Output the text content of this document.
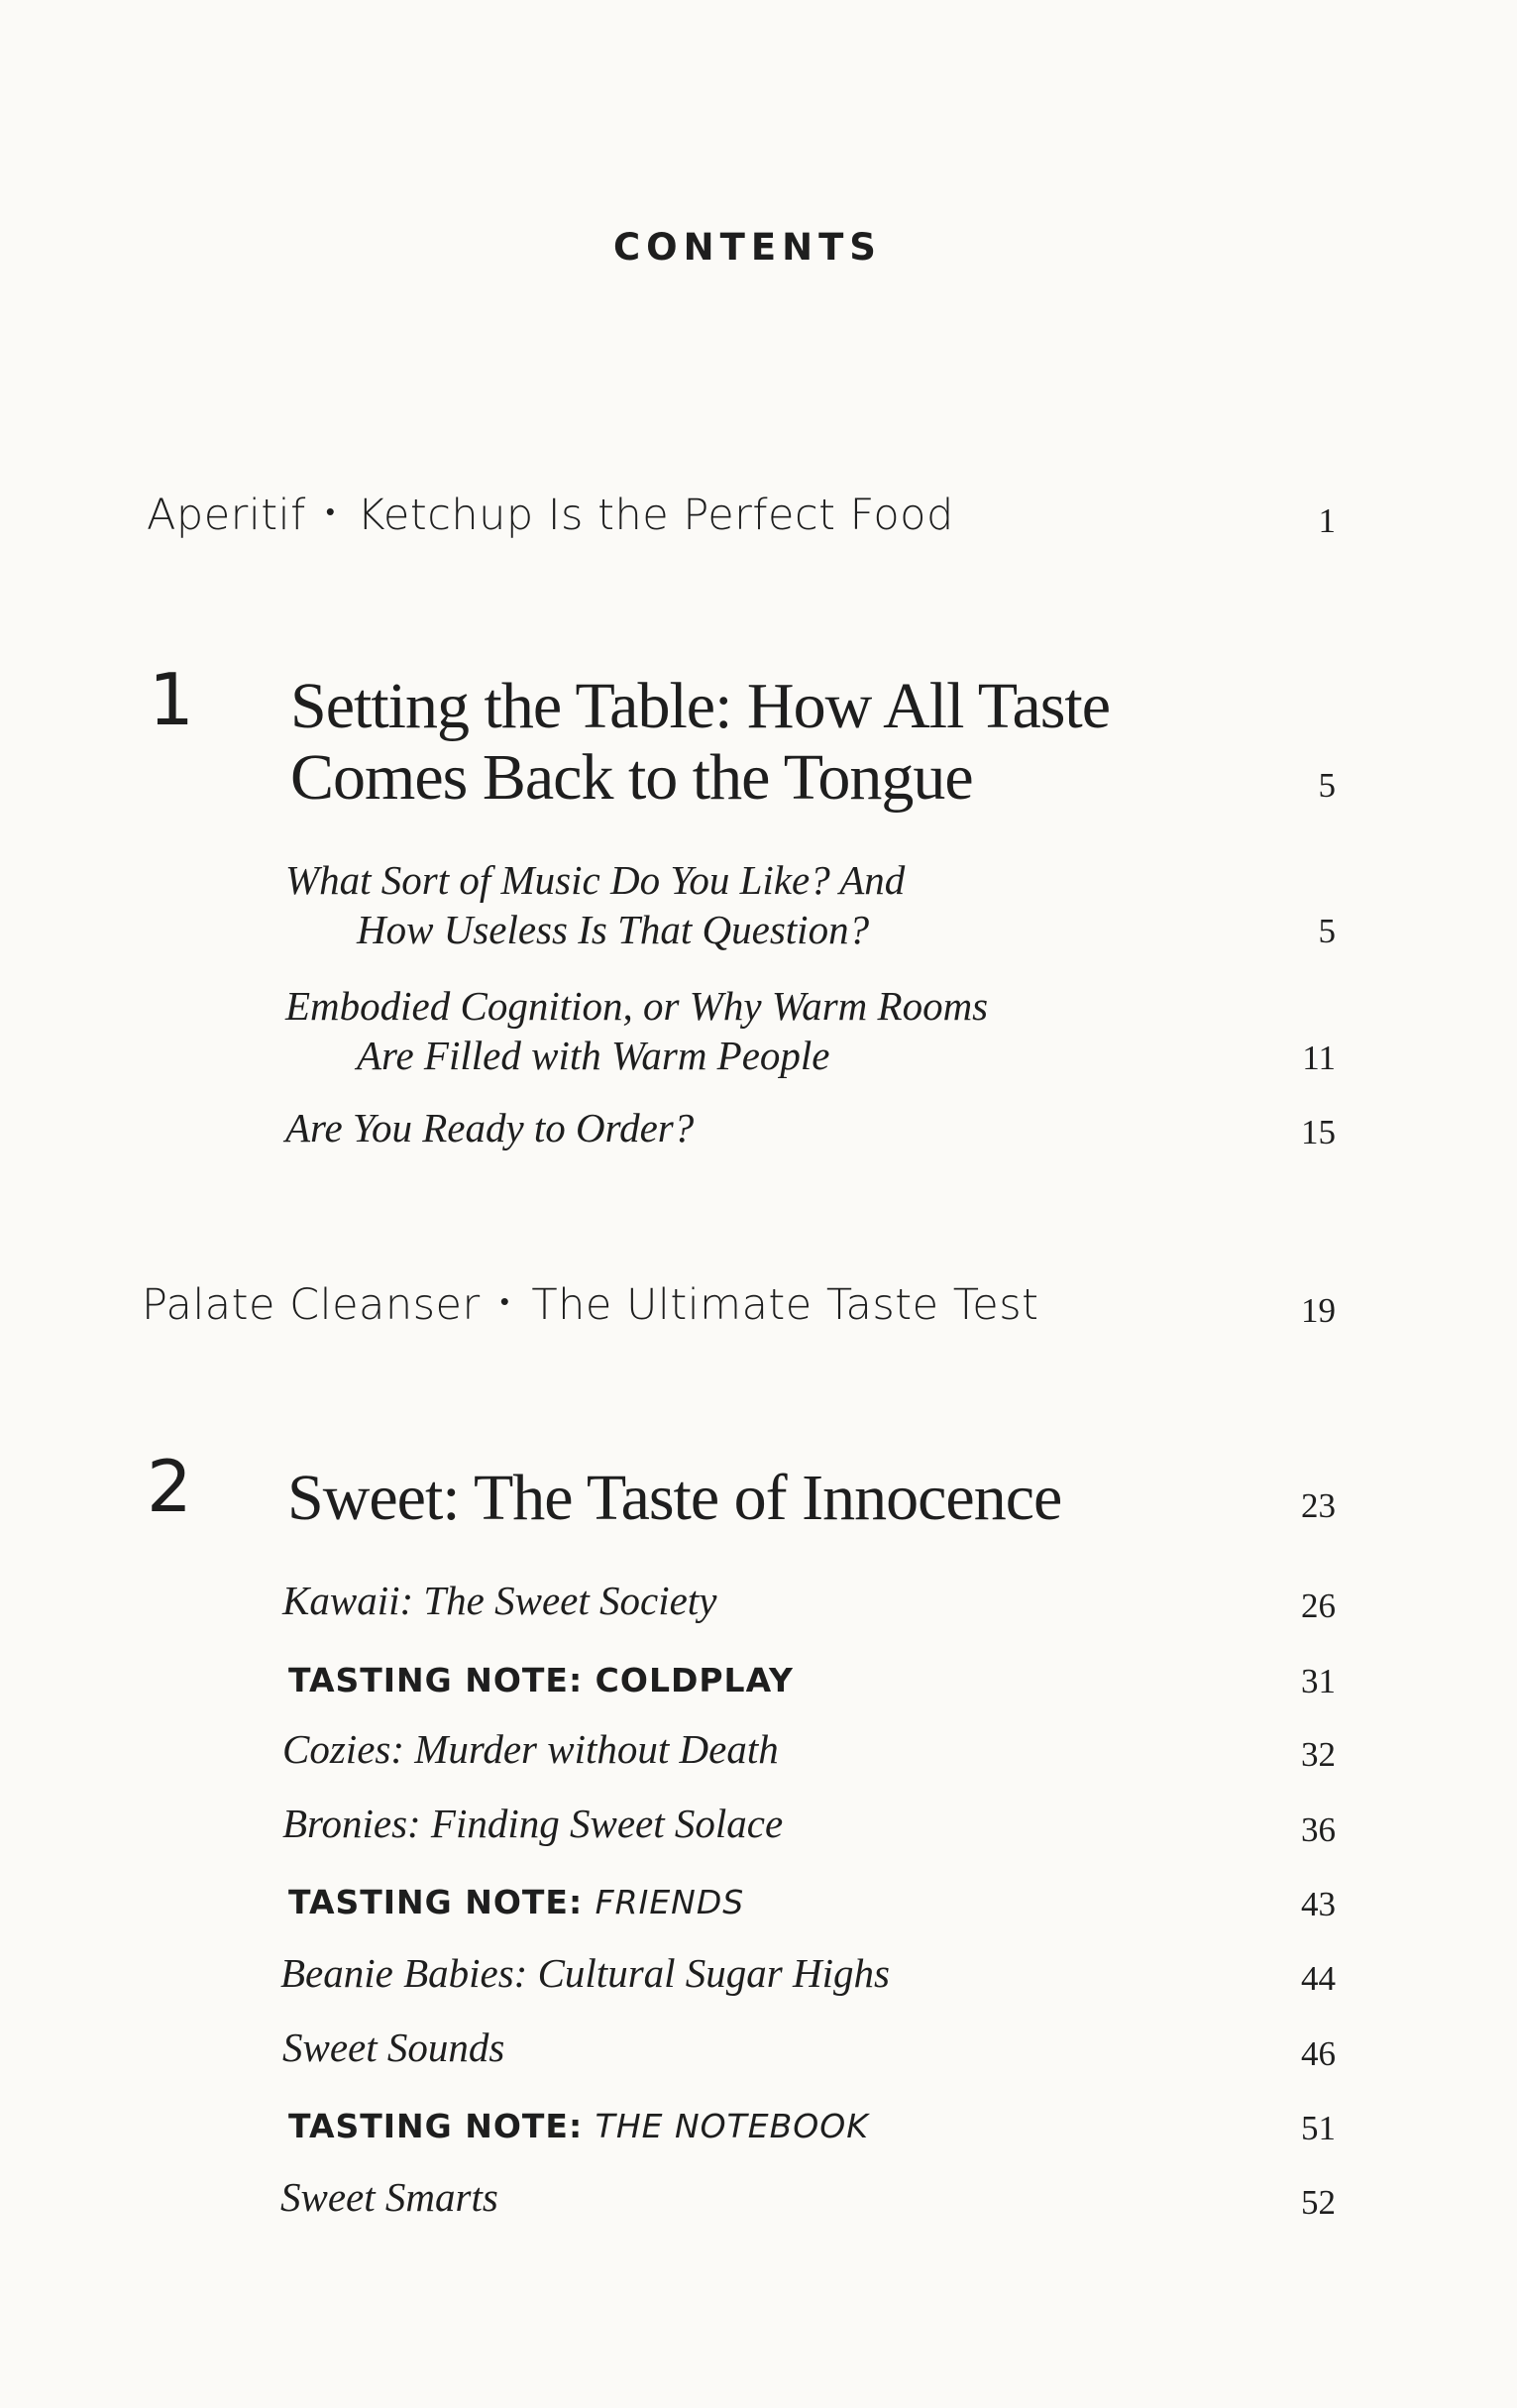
CONTENTS
Aperitif • Ketchup Is the Perfect Food	1
1 Setting the Table: How All Taste
Comes Back to the Tongue	5
What Sort of Music Do You Like? And
How Useless Is That Question?	5
Embodied Cognition, or Why Warm Rooms
Are Filled with Warm People	11
Are You Ready to Order?	15
Palate Cleanser • The Ultimate Taste Test	19
2 Sweet: The Taste of Innocence	23
Kawaii: The Sweet Society	26
TASTING NOTE: COLDPLAY	31
Cozies: Murder without Death	32
Bronies: Finding Sweet Solace	36
TASTING NOTE: FRIENDS	43
Beanie Babies: Cultural Sugar Highs	44
Sweet Sounds	46
TASTING NOTE: THE NOTEBOOK	51
Sweet Smarts	52
